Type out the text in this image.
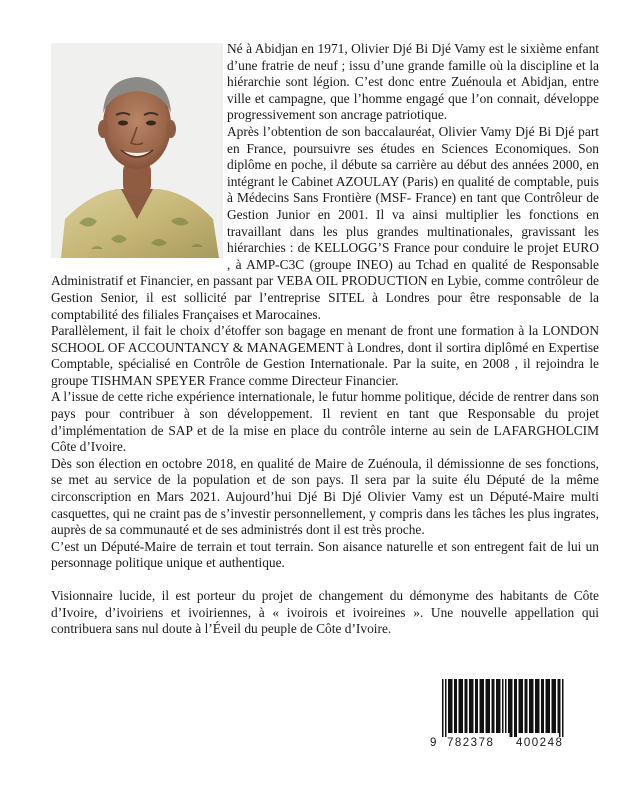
Né à Abidjan en 1971, Olivier Djé Bi Djé Vamy est le sixième enfant d’une fratrie de neuf ; issu d’une grande famille où la discipline et la hiérarchie sont légion. C’est donc entre Zuénoula et Abidjan, entre ville et campagne, que l’homme engagé que l’on connait, développe progressivement son ancrage patriotique.

Après l’obtention de son baccalauréat, Olivier Vamy Djé Bi Djé part en France, poursuivre ses études en Sciences Economiques. Son diplôme en poche, il débute sa carrière au début des années 2000, en intégrant le Cabinet AZOULAY (Paris) en qualité de comptable, puis à Médecins Sans Frontière (MSF- France) en tant que Contrôleur de Gestion Junior en 2001. Il va ainsi multiplier les fonctions en travaillant dans les plus grandes multinationales, gravissant les hiérarchies : de KELLOGG’S France pour conduire le projet EURO , à AMP-C3C (groupe INEO) au Tchad en qualité de Responsable Administratif et Financier, en passant par VEBA OIL PRODUCTION en Lybie, comme contrôleur de Gestion Senior, il est sollicité par l’entreprise SITEL à Londres pour être responsable de la comptabilité des filiales Françaises et Marocaines.

Parallèlement, il fait le choix d’étoffer son bagage en menant de front une formation à la LONDON SCHOOL OF ACCOUNTANCY & MANAGEMENT à Londres, dont il sortira diplômé en Expertise Comptable, spécialisé en Contrôle de Gestion Internationale. Par la suite, en 2008 , il rejoindra le groupe TISHMAN SPEYER France comme Directeur Financier.

A l’issue de cette riche expérience internationale, le futur homme politique, décide de rentrer dans son pays pour contribuer à son développement. Il revient en tant que Responsable du projet d’implémentation de SAP et de la mise en place du contrôle interne au sein de LAFARGHOLCIM Côte d’Ivoire.

Dès son élection en octobre 2018, en qualité de Maire de Zuénoula, il démissionne de ses fonctions, se met au service de la population et de son pays. Il sera par la suite élu Député de la même circonscription en Mars 2021. Aujourd’hui Djé Bi Djé Olivier Vamy est un Député-Maire multi casquettes, qui ne craint pas de s’investir personnellement, y compris dans les tâches les plus ingrates, auprès de sa communauté et de ses administrés dont il est très proche.

C’est un Député-Maire de terrain et tout terrain. Son aisance naturelle et son entregent fait de lui un personnage politique unique et authentique.

Visionnaire lucide, il est porteur du projet de changement du démonyme des habitants de Côte d’Ivoire, d’ivoiriens et ivoiriennes, à « ivoirois et ivoireines ». Une nouvelle appellation qui contribuera sans nul doute à l’Éveil du peuple de Côte d’Ivoire.

9 782378 400248
